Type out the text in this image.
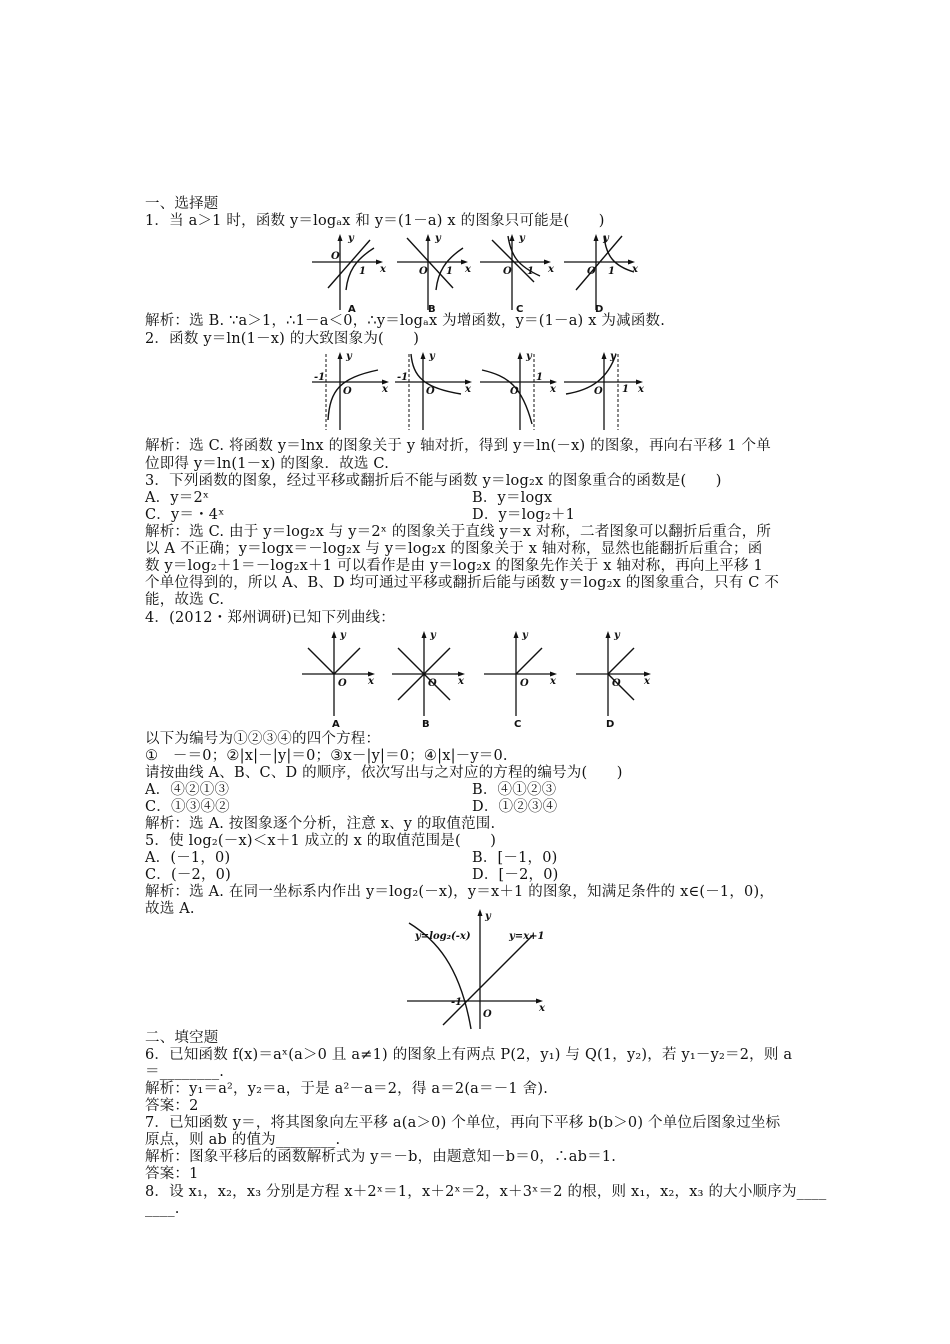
一、选择题
1．当 a＞1 时，函数 y＝logₐx 和 y＝(1－a) x 的图象只可能是(　　)
y
x
O
1
A
y
x
O 1
B
y
x
O 1
C
y
x
O 1
D
解析：选 B. ∵a＞1，∴1－a＜0，∴y＝logₐx 为增函数，y＝(1－a) x 为减函数.
2．函数 y＝ln(1－x) 的大致图象为(　　)
y
x
-1
O
y
x
-1
O
y
x
1
O
y
x
1
O
解析：选 C. 将函数 y＝lnx 的图象关于 y 轴对折，得到 y＝ln(－x) 的图象，再向右平移 1 个单
位即得 y＝ln(1－x) 的图象．故选 C.
3．下列函数的图象，经过平移或翻折后不能与函数 y＝log₂x 的图象重合的函数是(　　)
A．y＝2ˣ	B．y＝logx
C．y＝・4ˣ	D．y＝log₂＋1
解析：选 C. 由于 y＝log₂x 与 y＝2ˣ 的图象关于直线 y＝x 对称，二者图象可以翻折后重合，所
以 A 不正确；y＝logx＝－log₂x 与 y＝log₂x 的图象关于 x 轴对称，显然也能翻折后重合；函
数 y＝log₂＋1＝－log₂x＋1 可以看作是由 y＝log₂x 的图象先作关于 x 轴对称，再向上平移 1
个单位得到的，所以 A、B、D 均可通过平移或翻折后能与函数 y＝log₂x 的图象重合，只有 C 不
能，故选 C.
4．(2012・郑州调研)已知下列曲线：
y
x
O
A
y
x
O
B
y
x
O
C
y
x
O
D
以下为编号为①②③④的四个方程：
①　－＝0；②|x|－|y|＝0；③x－|y|＝0；④|x|－y＝0.
请按曲线 A、B、C、D 的顺序，依次写出与之对应的方程的编号为(　　)
A．④②①③	B．④①②③
C．①③④②	D．①②③④
解析：选 A. 按图象逐个分析，注意 x、y 的取值范围.
5．使 log₂(－x)＜x＋1 成立的 x 的取值范围是(　　)
A．(－1，0)	B．[－1，0)
C．(－2，0)	D．[－2，0)
解析：选 A. 在同一坐标系内作出 y＝log₂(－x)，y＝x＋1 的图象，知满足条件的 x∈(－1，0)，
故选 A.	y
x
y=log₂(-x)	y=x+1
-1
O
二、填空题
6．已知函数 f(x)＝aˣ(a＞0 且 a≠1) 的图象上有两点 P(2，y₁) 与 Q(1，y₂)，若 y₁－y₂＝2，则 a
＝________.
解析：y₁＝a²，y₂＝a，于是 a²－a＝2，得 a＝2(a＝－1 舍).
答案：2
7．已知函数 y＝，将其图象向左平移 a(a＞0) 个单位，再向下平移 b(b＞0) 个单位后图象过坐标
原点，则 ab 的值为________.
解析：图象平移后的函数解析式为 y＝－b，由题意知－b＝0，∴ab＝1.
答案：1
8．设 x₁，x₂，x₃ 分别是方程 x＋2ˣ＝1，x＋2ˣ＝2，x＋3ˣ＝2 的根，则 x₁，x₂，x₃ 的大小顺序为____
____.
